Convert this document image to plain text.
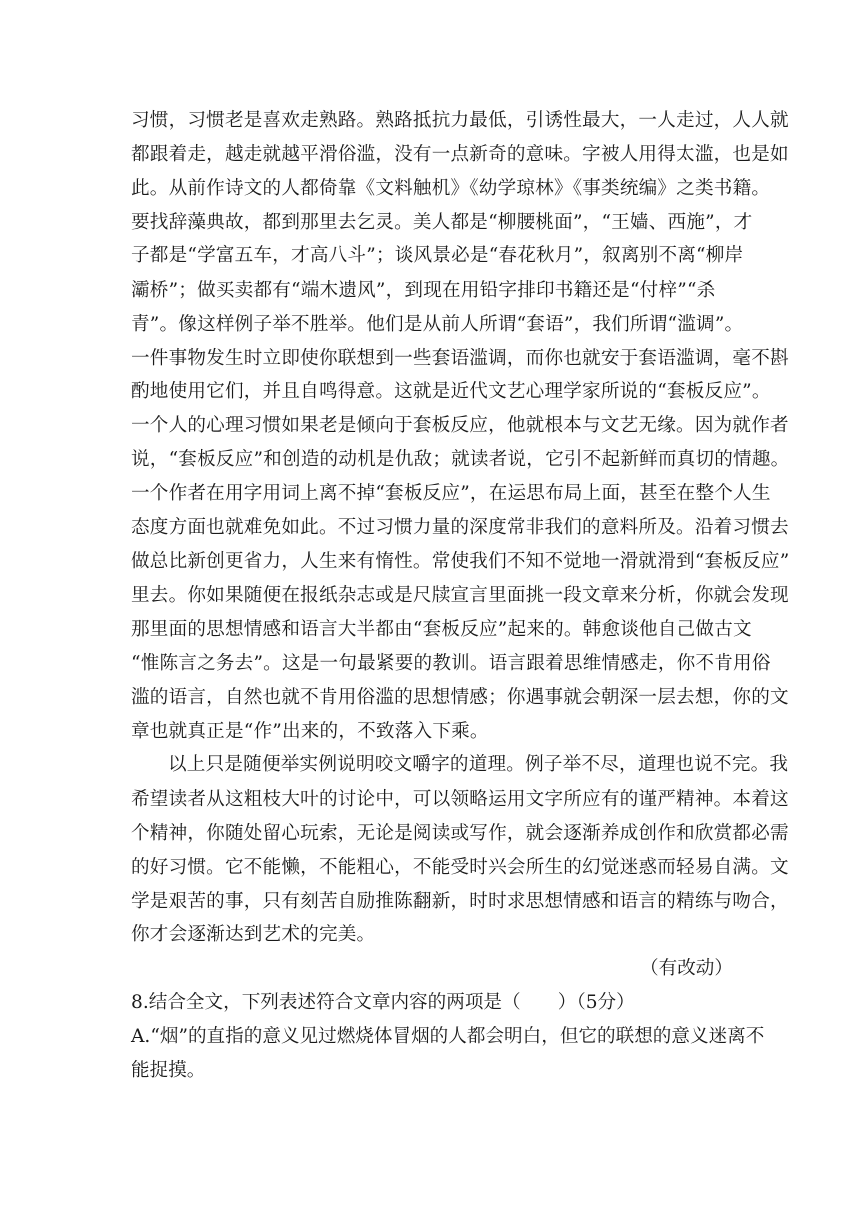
习惯，习惯老是喜欢走熟路。熟路抵抗力最低，引诱性最大，一人走过，人人就
都跟着走，越走就越平滑俗滥，没有一点新奇的意味。字被人用得太滥，也是如
此。从前作诗文的人都倚靠《文料触机》《幼学琼林》《事类统编》之类书籍。
要找辞藻典故，都到那里去乞灵。美人都是“柳腰桃面”，“王嫱、西施”，才
子都是“学富五车，才高八斗”；谈风景必是“春花秋月”，叙离别不离“柳岸
灞桥”；做买卖都有“端木遗风”，到现在用铅字排印书籍还是“付梓”“杀
青”。像这样例子举不胜举。他们是从前人所谓“套语”，我们所谓“滥调”。
一件事物发生时立即使你联想到一些套语滥调，而你也就安于套语滥调，毫不斟
酌地使用它们，并且自鸣得意。这就是近代文艺心理学家所说的“套板反应”。
一个人的心理习惯如果老是倾向于套板反应，他就根本与文艺无缘。因为就作者
说，“套板反应”和创造的动机是仇敌；就读者说，它引不起新鲜而真切的情趣。
一个作者在用字用词上离不掉“套板反应”，在运思布局上面，甚至在整个人生
态度方面也就难免如此。不过习惯力量的深度常非我们的意料所及。沿着习惯去
做总比新创更省力，人生来有惰性。常使我们不知不觉地一滑就滑到“套板反应”
里去。你如果随便在报纸杂志或是尺牍宣言里面挑一段文章来分析，你就会发现
那里面的思想情感和语言大半都由“套板反应”起来的。韩愈谈他自己做古文
“惟陈言之务去”。这是一句最紧要的教训。语言跟着思维情感走，你不肯用俗
滥的语言，自然也就不肯用俗滥的思想情感；你遇事就会朝深一层去想，你的文
章也就真正是“作”出来的，不致落入下乘。
以上只是随便举实例说明咬文嚼字的道理。例子举不尽，道理也说不完。我
希望读者从这粗枝大叶的讨论中，可以领略运用文字所应有的谨严精神。本着这
个精神，你随处留心玩索，无论是阅读或写作，就会逐渐养成创作和欣赏都必需
的好习惯。它不能懒，不能粗心，不能受时兴会所生的幻觉迷惑而轻易自满。文
学是艰苦的事，只有刻苦自励推陈翻新，时时求思想情感和语言的精练与吻合，
你才会逐渐达到艺术的完美。
（有改动）
8.结合全文，下列表述符合文章内容的两项是（　　）（5分）
A.“烟”的直指的意义见过燃烧体冒烟的人都会明白，但它的联想的意义迷离不
能捉摸。
